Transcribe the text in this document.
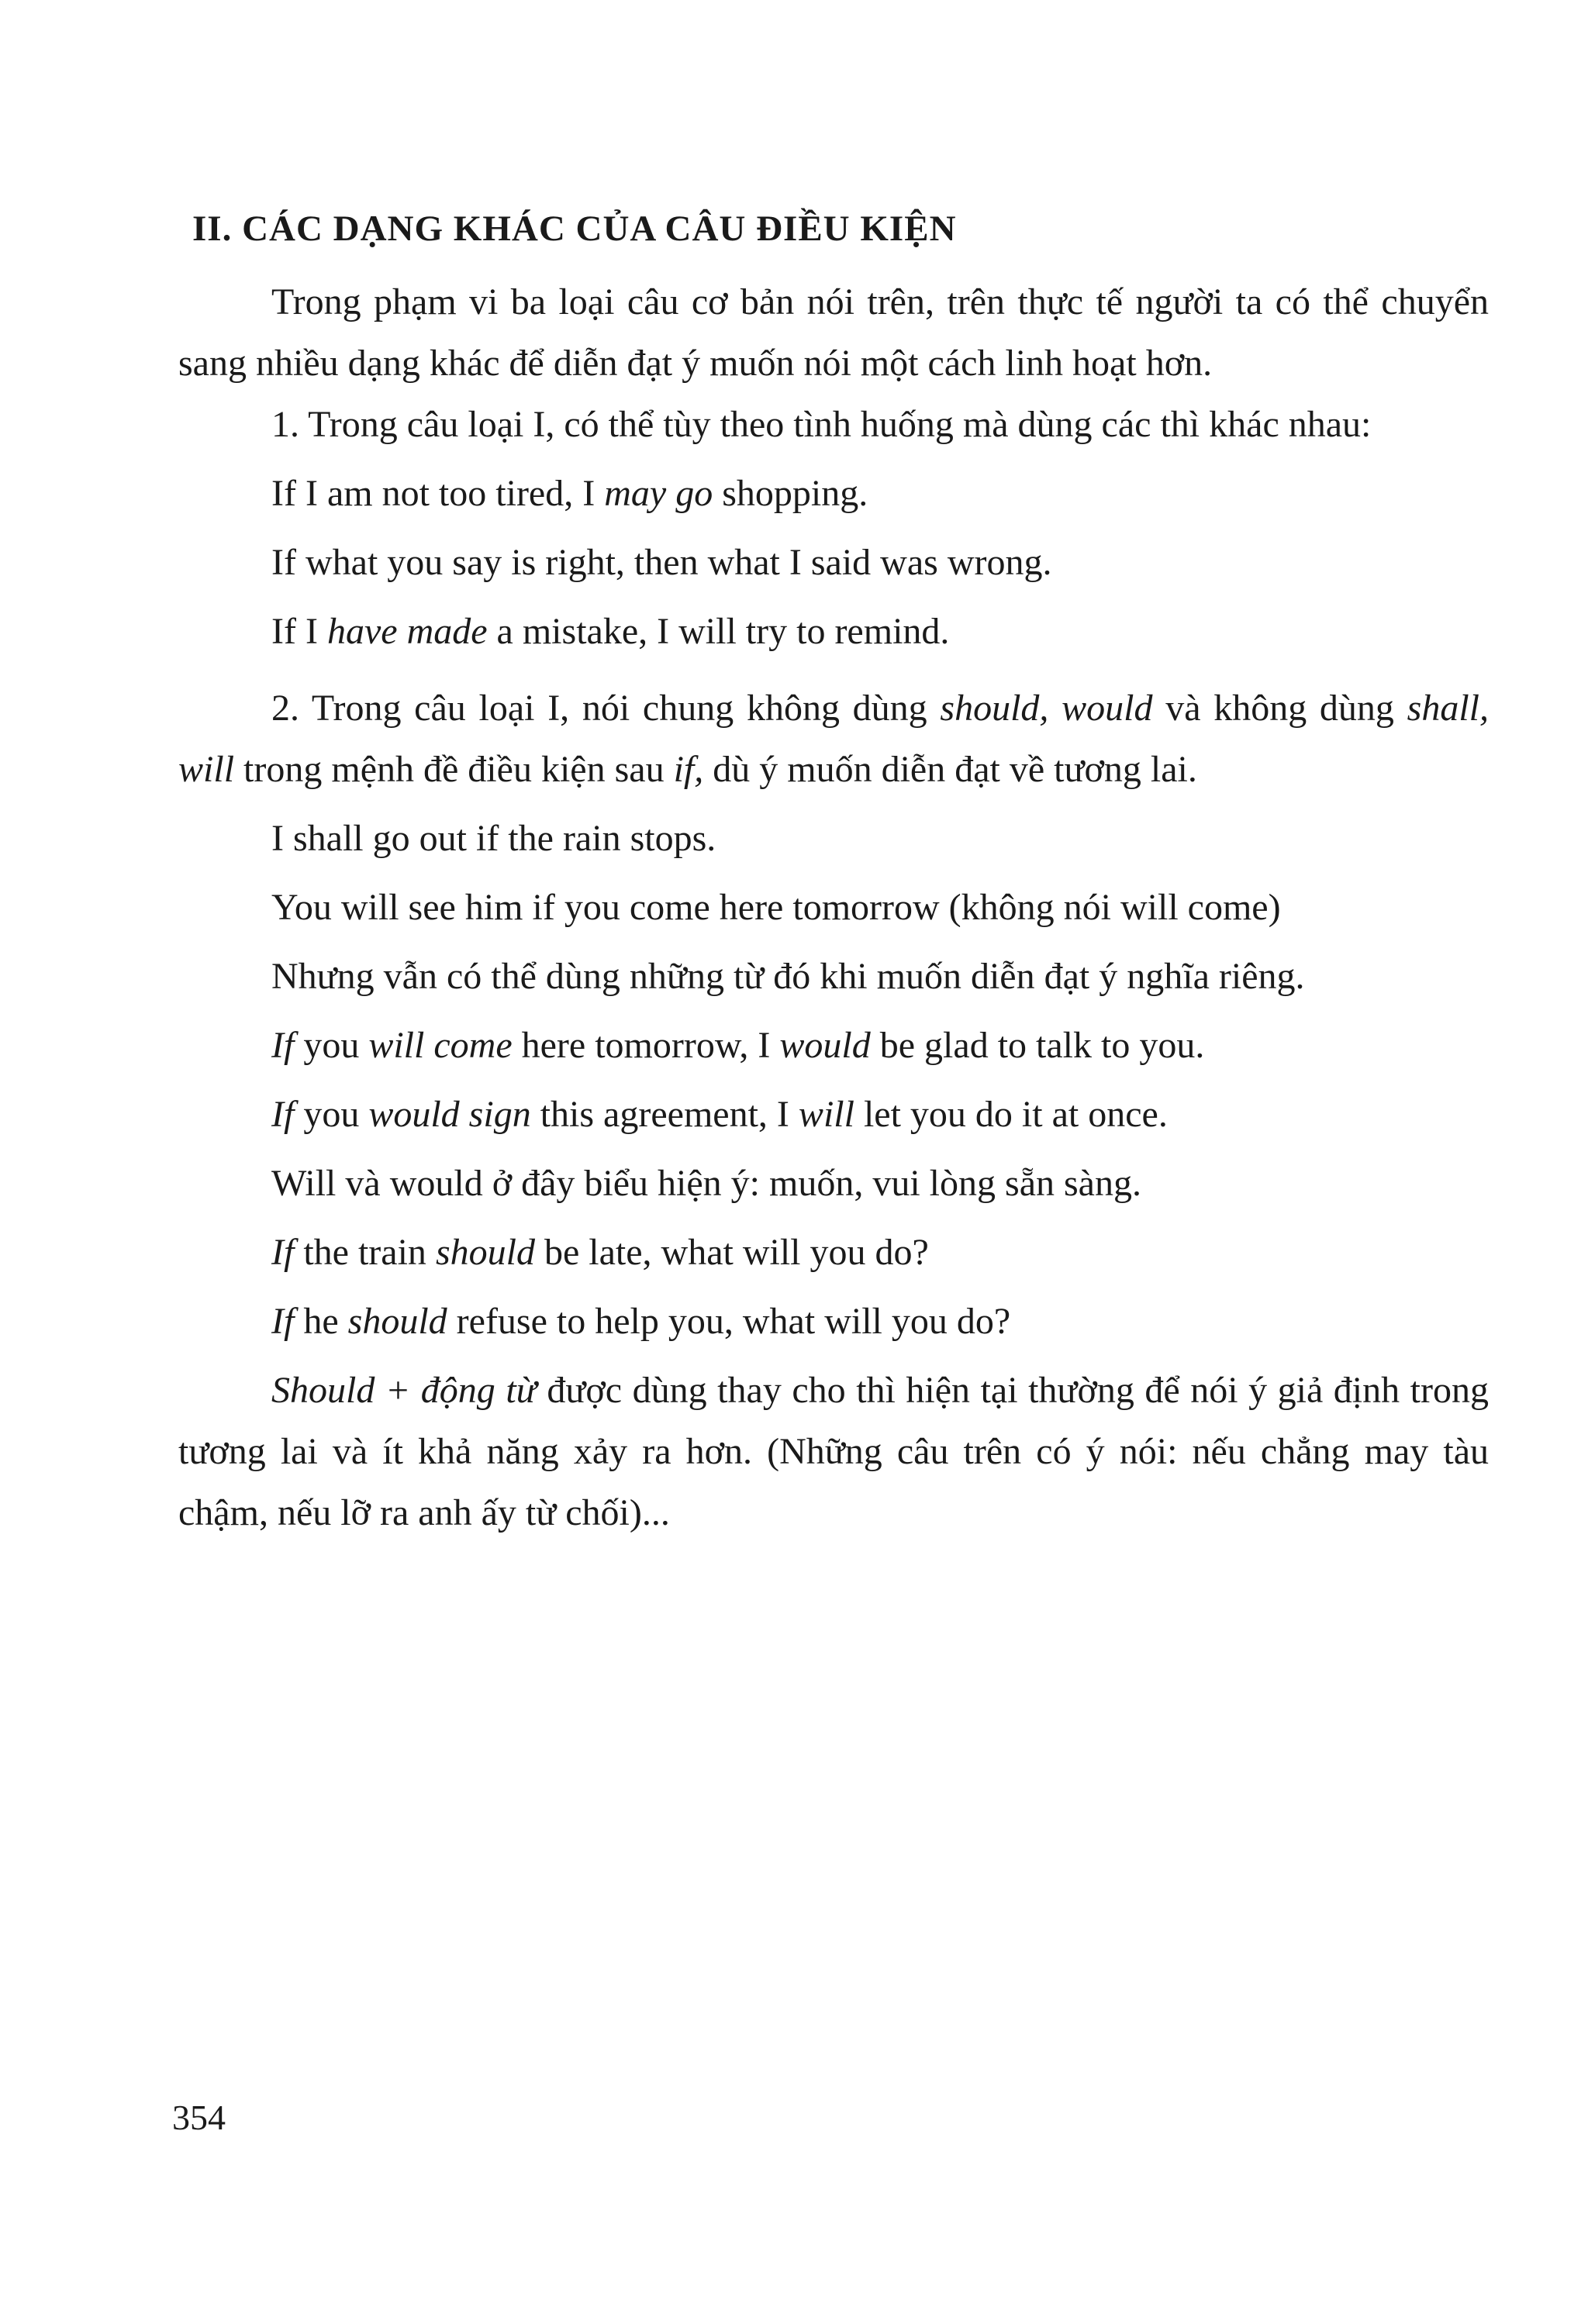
II. CÁC DẠNG KHÁC CỦA CÂU ĐIỀU KIỆN

Trong phạm vi ba loại câu cơ bản nói trên, trên thực tế người ta có thể chuyển sang nhiều dạng khác để diễn đạt ý muốn nói một cách linh hoạt hơn.

1. Trong câu loại I, có thể tùy theo tình huống mà dùng các thì khác nhau:

If I am not too tired, I may go shopping.

If what you say is right, then what I said was wrong.

If I have made a mistake, I will try to remind.

2. Trong câu loại I, nói chung không dùng should, would và không dùng shall, will trong mệnh đề điều kiện sau if, dù ý muốn diễn đạt về tương lai.

I shall go out if the rain stops.

You will see him if you come here tomorrow (không nói will come)

Nhưng vẫn có thể dùng những từ đó khi muốn diễn đạt ý nghĩa riêng.

If you will come here tomorrow, I would be glad to talk to you.

If you would sign this agreement, I will let you do it at once.

Will và would ở đây biểu hiện ý: muốn, vui lòng sẵn sàng.

If the train should be late, what will you do?

If he should refuse to help you, what will you do?

Should + động từ được dùng thay cho thì hiện tại thường để nói ý giả định trong tương lai và ít khả năng xảy ra hơn. (Những câu trên có ý nói: nếu chẳng may tàu chậm, nếu lỡ ra anh ấy từ chối)...

354
